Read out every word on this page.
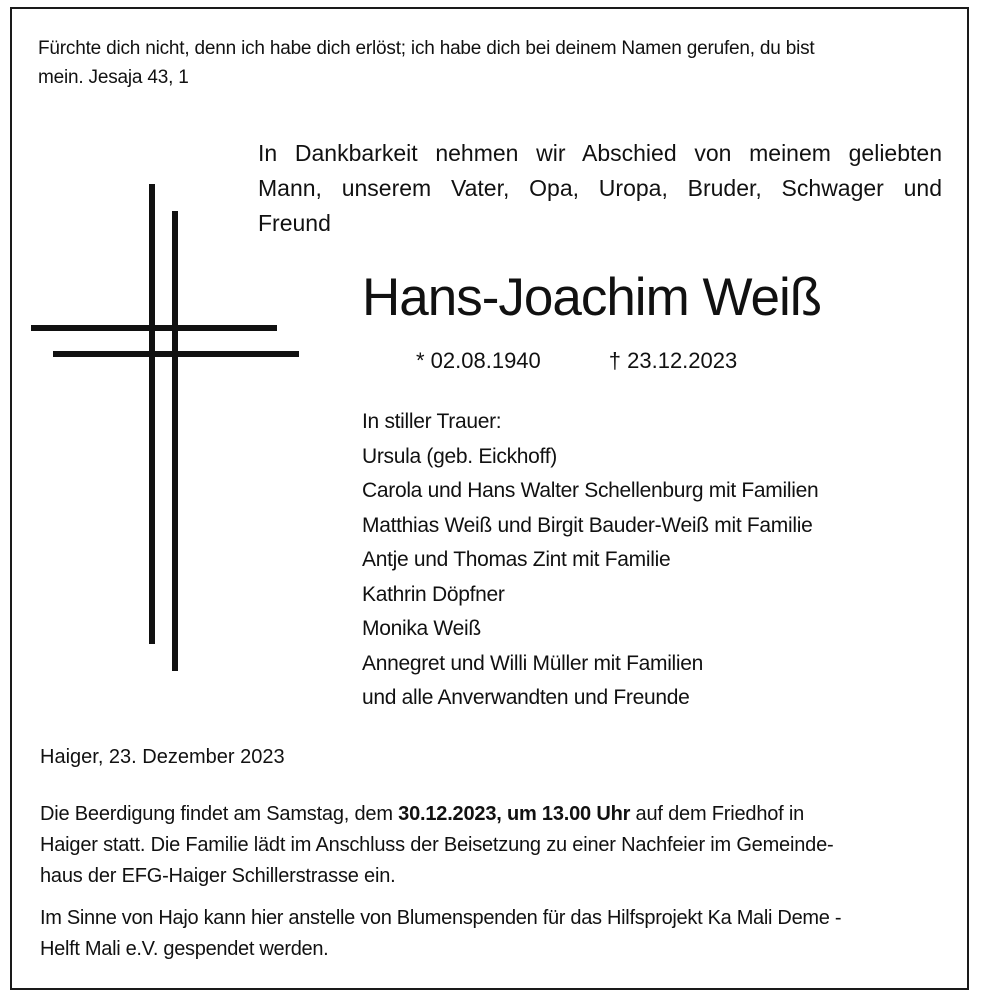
Fürchte dich nicht, denn ich habe dich erlöst; ich habe dich bei deinem Namen gerufen, du bist
mein. Jesaja 43, 1
In Dankbarkeit nehmen wir Abschied von meinem geliebten
Mann, unserem Vater, Opa, Uropa, Bruder, Schwager und
Freund
Hans-Joachim Weiß
* 02.08.1940	† 23.12.2023
In stiller Trauer:
Ursula (geb. Eickhoff)
Carola und Hans Walter Schellenburg mit Familien
Matthias Weiß und Birgit Bauder-Weiß mit Familie
Antje und Thomas Zint mit Familie
Kathrin Döpfner
Monika Weiß
Annegret und Willi Müller mit Familien
und alle Anverwandten und Freunde
Haiger, 23. Dezember 2023
Die Beerdigung findet am Samstag, dem 30.12.2023, um 13.00 Uhr auf dem Friedhof in
Haiger statt. Die Familie lädt im Anschluss der Beisetzung zu einer Nachfeier im Gemeinde-
haus der EFG-Haiger Schillerstrasse ein.
Im Sinne von Hajo kann hier anstelle von Blumenspenden für das Hilfsprojekt Ka Mali Deme -
Helft Mali e.V. gespendet werden.
